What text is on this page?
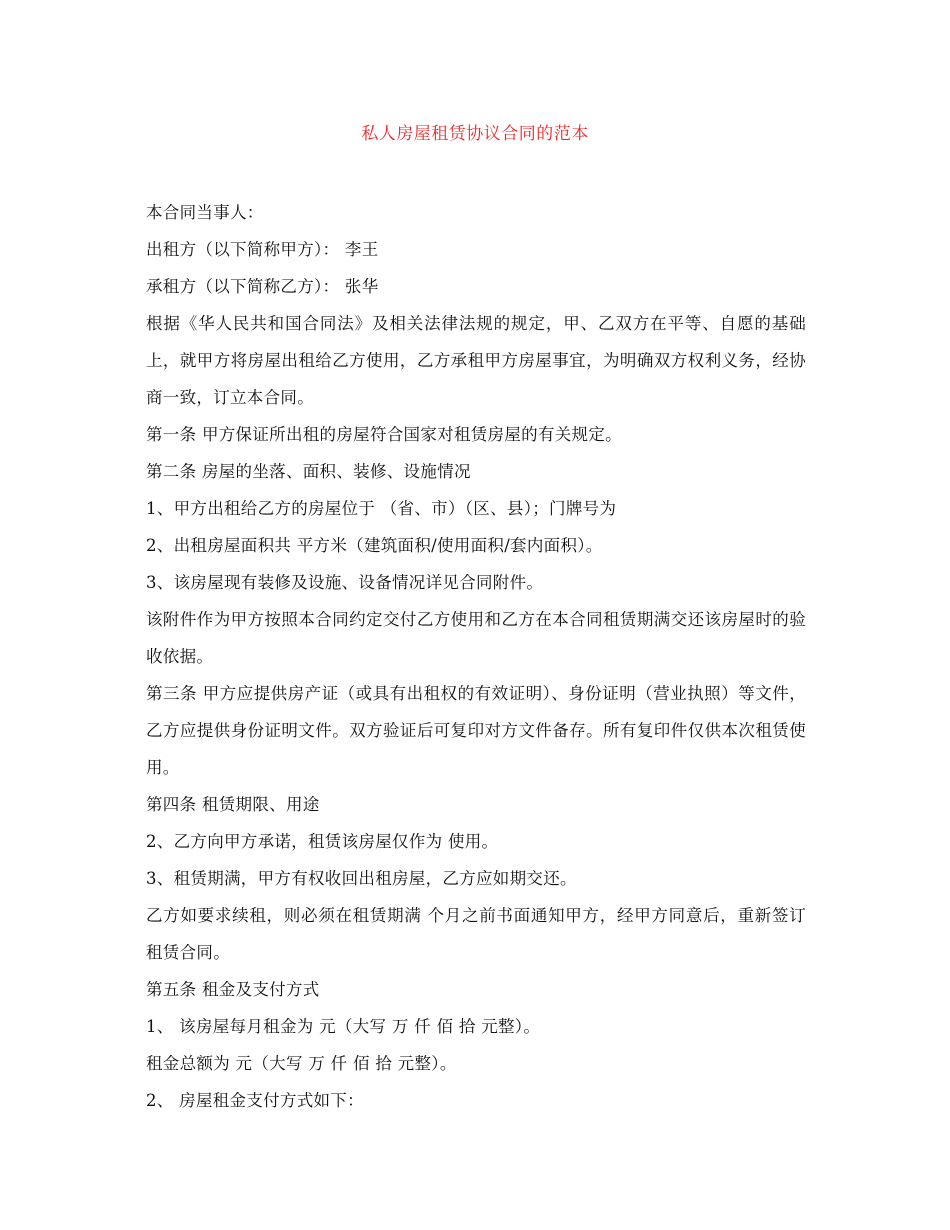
私人房屋租赁协议合同的范本

本合同当事人：

出租方（以下简称甲方）： 李王

承租方（以下简称乙方）： 张华

根据《华人民共和国合同法》及相关法律法规的规定，甲、乙双方在平等、自愿的基础上，就甲方将房屋出租给乙方使用，乙方承租甲方房屋事宜，为明确双方权利义务，经协商一致，订立本合同。

第一条 甲方保证所出租的房屋符合国家对租赁房屋的有关规定。

第二条 房屋的坐落、面积、装修、设施情况

1、甲方出租给乙方的房屋位于 （省、市）（区、县）；门牌号为

2、出租房屋面积共 平方米（建筑面积/使用面积/套内面积）。

3、该房屋现有装修及设施、设备情况详见合同附件。

该附件作为甲方按照本合同约定交付乙方使用和乙方在本合同租赁期满交还该房屋时的验收依据。

第三条 甲方应提供房产证（或具有出租权的有效证明）、身份证明（营业执照）等文件，乙方应提供身份证明文件。双方验证后可复印对方文件备存。所有复印件仅供本次租赁使用。

第四条 租赁期限、用途

2、乙方向甲方承诺，租赁该房屋仅作为 使用。

3、租赁期满，甲方有权收回出租房屋，乙方应如期交还。

乙方如要求续租，则必须在租赁期满 个月之前书面通知甲方，经甲方同意后，重新签订租赁合同。

第五条 租金及支付方式

1、 该房屋每月租金为 元（大写 万 仟 佰 拾 元整）。

租金总额为 元（大写 万 仟 佰 拾 元整）。

2、 房屋租金支付方式如下：
